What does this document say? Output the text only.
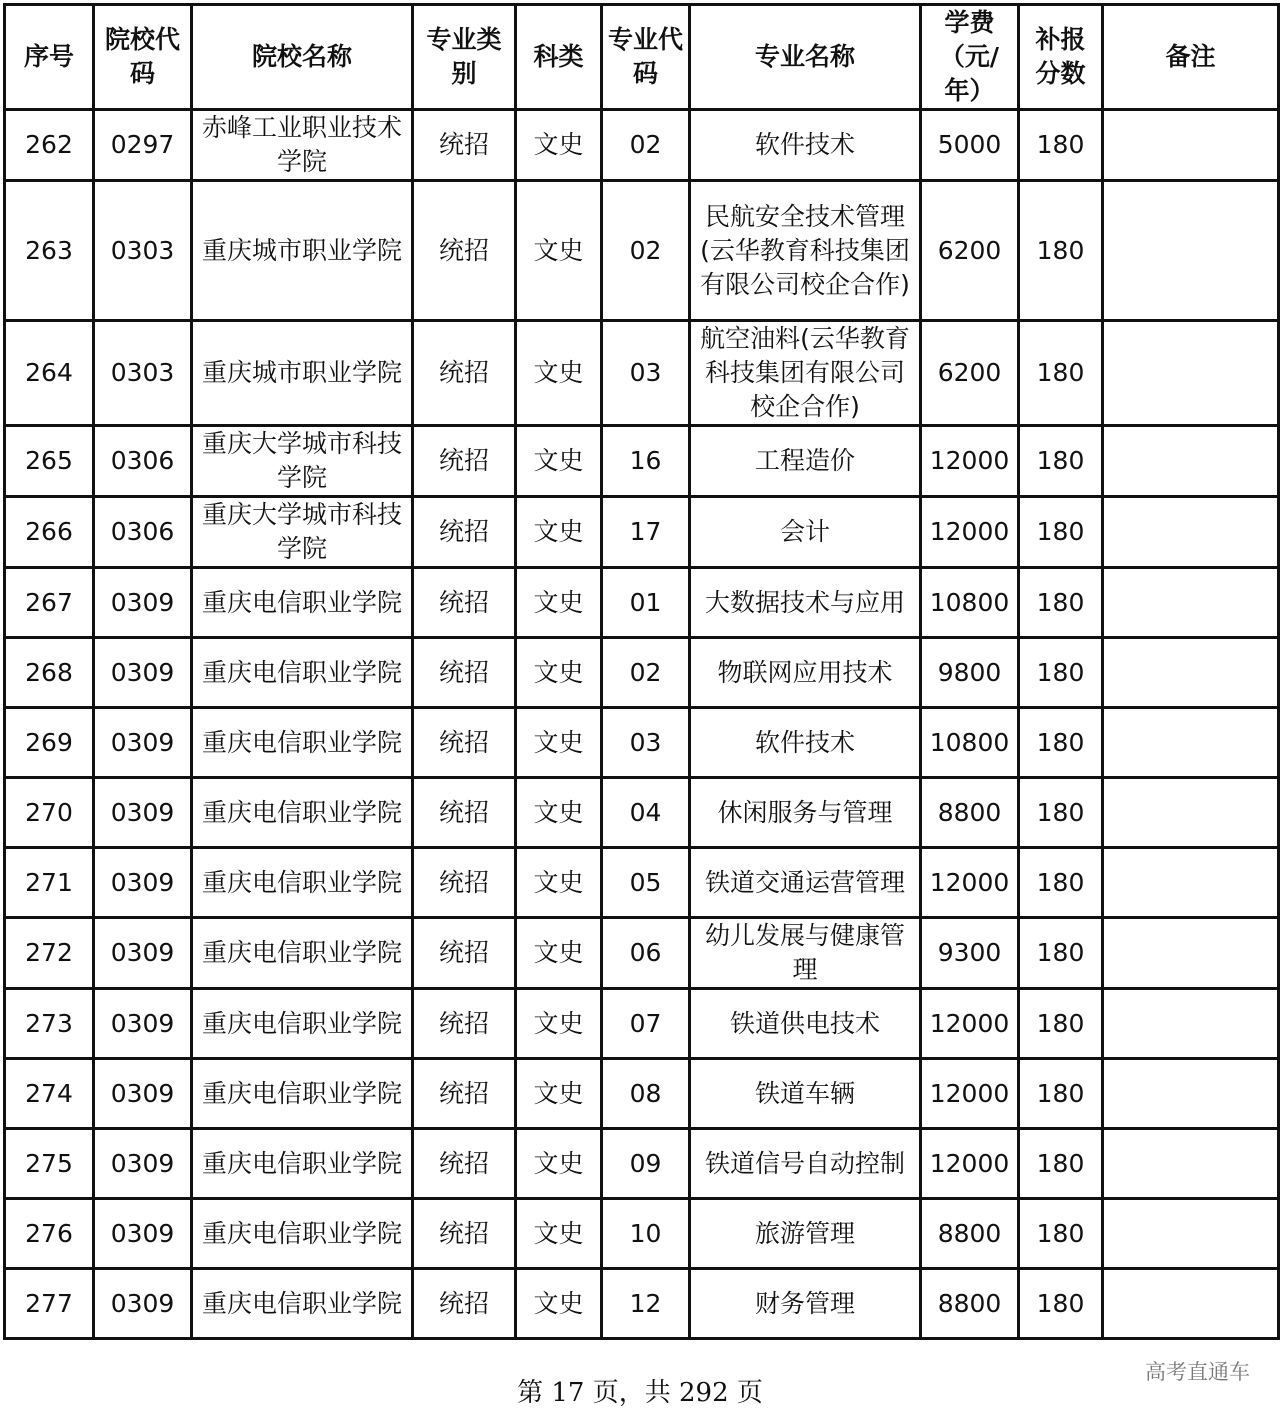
序号	院校代码	院校名称	专业类别	科类	专业代码	专业名称	学费（元/年）	补报分数	备注
262	0297	赤峰工业职业技术学院	统招	文史	02	软件技术	5000	180	
263	0303	重庆城市职业学院	统招	文史	02	民航安全技术管理(云华教育科技集团有限公司校企合作)	6200	180	
264	0303	重庆城市职业学院	统招	文史	03	航空油料(云华教育科技集团有限公司校企合作)	6200	180	
265	0306	重庆大学城市科技学院	统招	文史	16	工程造价	12000	180	
266	0306	重庆大学城市科技学院	统招	文史	17	会计	12000	180	
267	0309	重庆电信职业学院	统招	文史	01	大数据技术与应用	10800	180	
268	0309	重庆电信职业学院	统招	文史	02	物联网应用技术	9800	180	
269	0309	重庆电信职业学院	统招	文史	03	软件技术	10800	180	
270	0309	重庆电信职业学院	统招	文史	04	休闲服务与管理	8800	180	
271	0309	重庆电信职业学院	统招	文史	05	铁道交通运营管理	12000	180	
272	0309	重庆电信职业学院	统招	文史	06	幼儿发展与健康管理	9300	180	
273	0309	重庆电信职业学院	统招	文史	07	铁道供电技术	12000	180	
274	0309	重庆电信职业学院	统招	文史	08	铁道车辆	12000	180	
275	0309	重庆电信职业学院	统招	文史	09	铁道信号自动控制	12000	180	
276	0309	重庆电信职业学院	统招	文史	10	旅游管理	8800	180	
277	0309	重庆电信职业学院	统招	文史	12	财务管理	8800	180	
第 17 页，共 292 页
高考直通车
